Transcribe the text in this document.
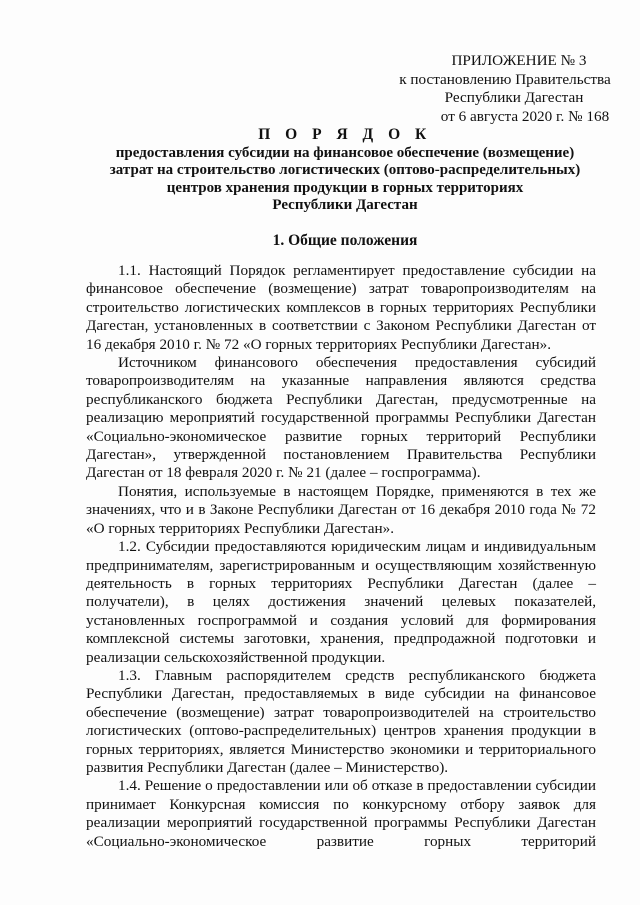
ПРИЛОЖЕНИЕ № 3
к постановлению Правительства
Республики Дагестан
от 6 августа 2020 г. № 168
П О Р Я Д О К
предоставления субсидии на финансовое обеспечение (возмещение)
затрат на строительство логистических (оптово-распределительных)
центров хранения продукции в горных территориях
Республики Дагестан
1. Общие положения

1.1. Настоящий Порядок регламентирует предоставление субсидии на финансовое обеспечение (возмещение) затрат товаропроизводителям на строительство логистических комплексов в горных территориях Республики Дагестан, установленных в соответствии с Законом Республики Дагестан от 16 декабря 2010 г. № 72 «О горных территориях Республики Дагестан».

Источником финансового обеспечения предоставления субсидий товаропроизводителям на указанные направления являются средства республиканского бюджета Республики Дагестан, предусмотренные на реализацию мероприятий государственной программы Республики Дагестан «Социально-экономическое развитие горных территорий Республики Дагестан», утвержденной постановлением Правительства Республики Дагестан от 18 февраля 2020 г. № 21 (далее – госпрограмма).

Понятия, используемые в настоящем Порядке, применяются в тех же значениях, что и в Законе Республики Дагестан от 16 декабря 2010 года № 72 «О горных территориях Республики Дагестан».

1.2. Субсидии предоставляются юридическим лицам и индивидуальным предпринимателям, зарегистрированным и осуществляющим хозяйственную деятельность в горных территориях Республики Дагестан (далее – получатели), в целях достижения значений целевых показателей, установленных госпрограммой и создания условий для формирования комплексной системы заготовки, хранения, предпродажной подготовки и реализации сельскохозяйственной продукции.

1.3. Главным распорядителем средств республиканского бюджета Республики Дагестан, предоставляемых в виде субсидии на финансовое обеспечение (возмещение) затрат товаропроизводителей на строительство логистических (оптово-распределительных) центров хранения продукции в горных территориях, является Министерство экономики и территориального развития Республики Дагестан (далее – Министерство).

1.4. Решение о предоставлении или об отказе в предоставлении субсидии принимает Конкурсная комиссия по конкурсному отбору заявок для реализации мероприятий государственной программы Республики Дагестан «Социально-экономическое развитие горных территорий
